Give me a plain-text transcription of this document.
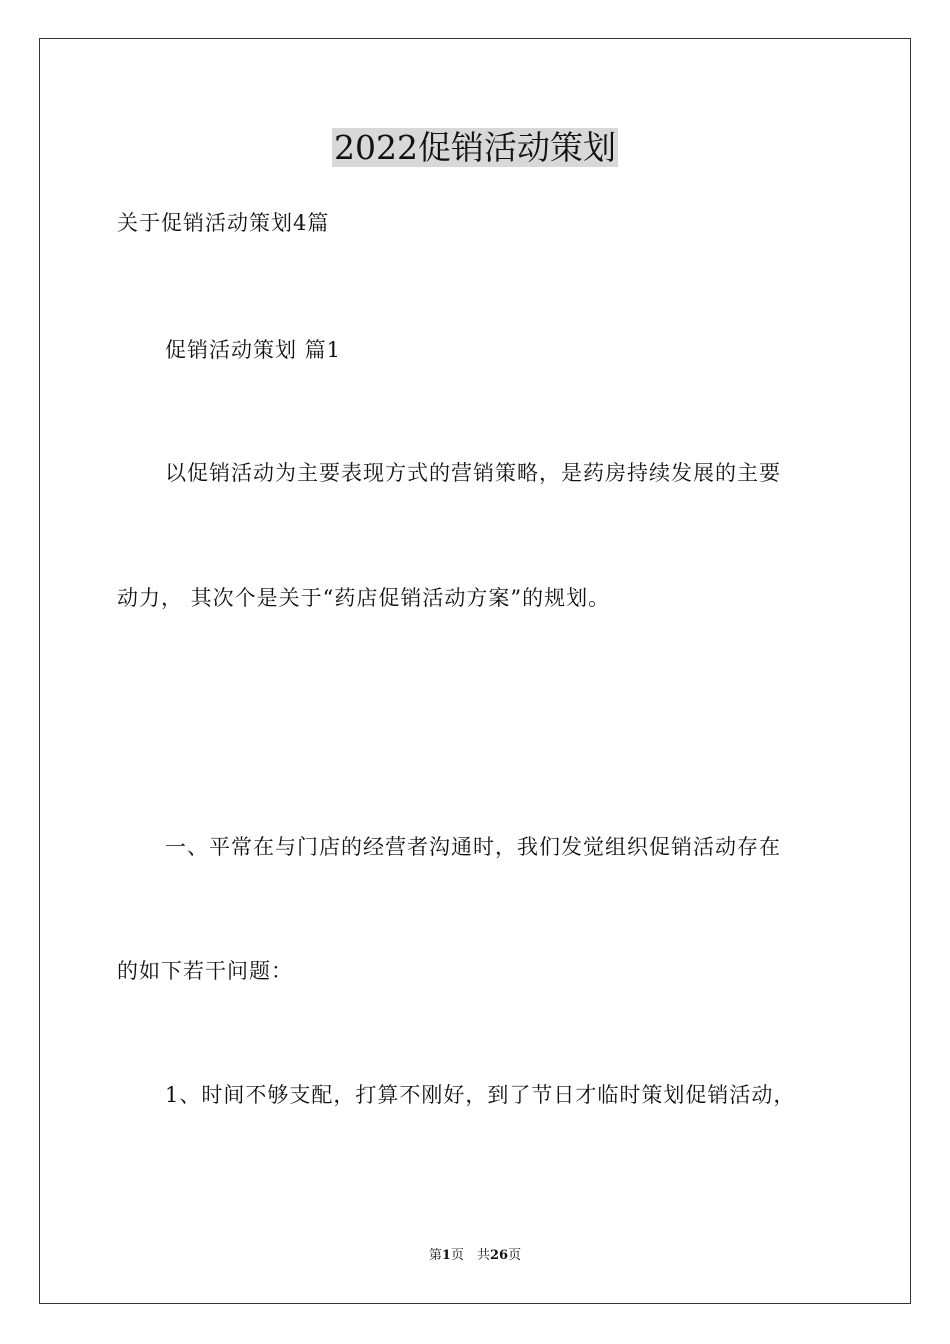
2022促销活动策划
关于促销活动策划4篇
促销活动策划 篇1
以促销活动为主要表现方式的营销策略，是药房持续发展的主要
动力， 其次个是关于“药店促销活动方案”的规划。
一、平常在与门店的经营者沟通时，我们发觉组织促销活动存在
的如下若干问题：
1、时间不够支配，打算不刚好，到了节日才临时策划促销活动，
第1页　共26页
